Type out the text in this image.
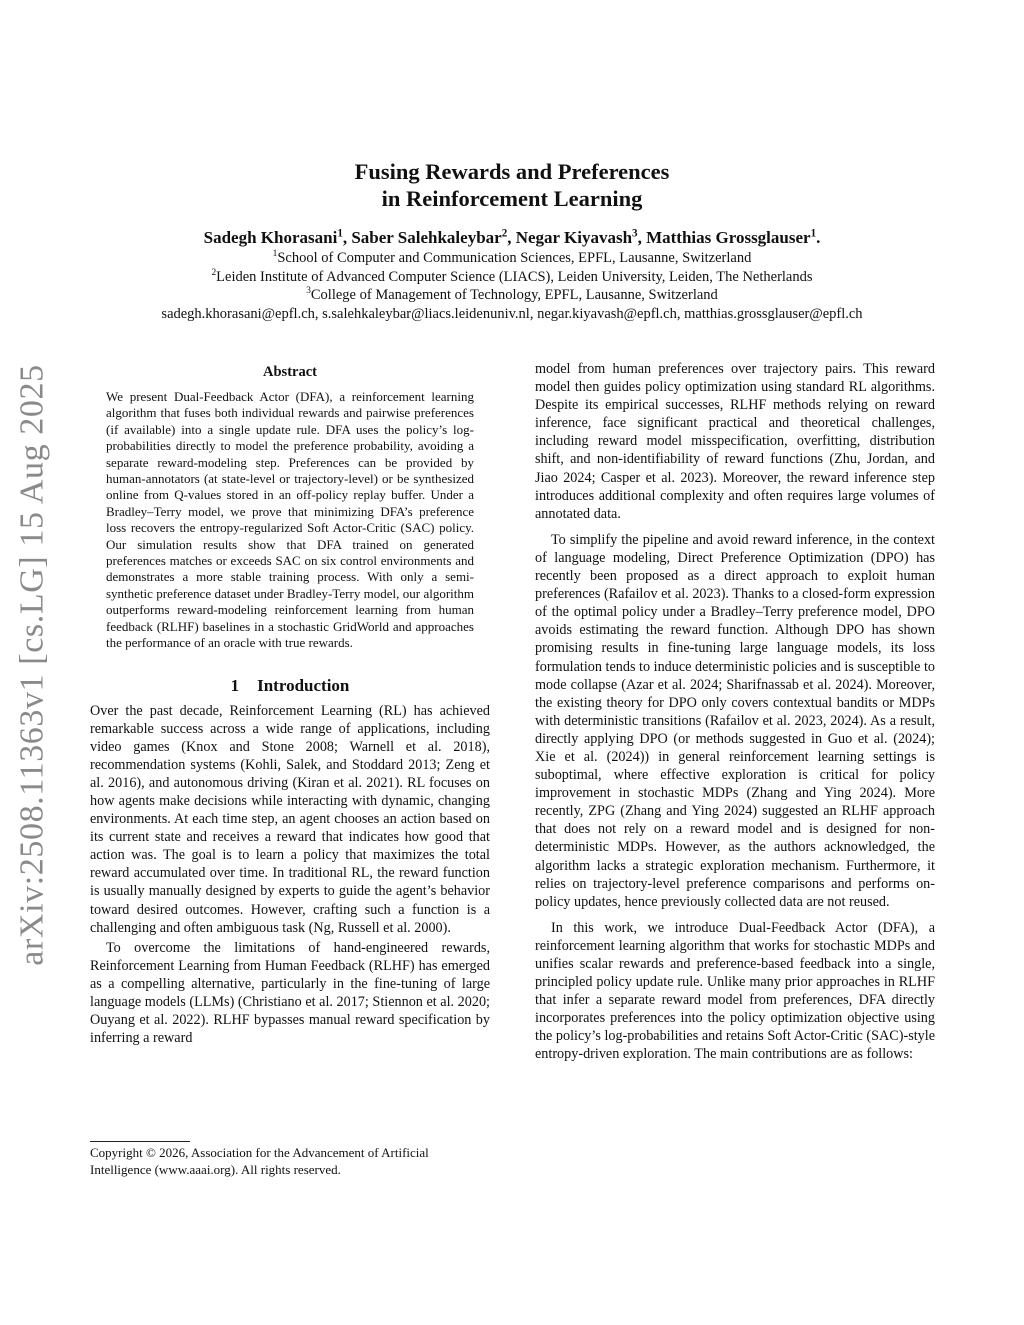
arXiv:2508.11363v1 [cs.LG] 15 Aug 2025
Fusing Rewards and Preferences
in Reinforcement Learning
Sadegh Khorasani$^1$, Saber Salehkaleybar$^2$, Negar Kiyavash$^3$, Matthias Grossglauser$^1$.
$^1$School of Computer and Communication Sciences, EPFL, Lausanne, Switzerland
$^2$Leiden Institute of Advanced Computer Science (LIACS), Leiden University, Leiden, The Netherlands
$^3$College of Management of Technology, EPFL, Lausanne, Switzerland
sadegh.khorasani@epfl.ch, s.salehkaleybar@liacs.leidenuniv.nl, negar.kiyavash@epfl.ch, matthias.grossglauser@epfl.ch
Abstract
We present Dual-Feedback Actor (DFA), a reinforcement learning algorithm that fuses both individual rewards and pairwise preferences (if available) into a single update rule. DFA uses the policy’s log-probabilities directly to model the preference probability, avoiding a separate reward-modeling step. Preferences can be provided by human-annotators (at state-level or trajectory-level) or be synthesized online from Q-values stored in an off-policy replay buffer. Under a Bradley–Terry model, we prove that minimizing DFA’s preference loss recovers the entropy-regularized Soft Actor-Critic (SAC) policy. Our simulation results show that DFA trained on generated preferences matches or exceeds SAC on six control environments and demonstrates a more stable training process. With only a semi-synthetic preference dataset under Bradley-Terry model, our algorithm outperforms reward-modeling reinforcement learning from human feedback (RLHF) baselines in a stochastic GridWorld and approaches the performance of an oracle with true rewards.
1 Introduction

Over the past decade, Reinforcement Learning (RL) has achieved remarkable success across a wide range of applications, including video games (Knox and Stone 2008; Warnell et al. 2018), recommendation systems (Kohli, Salek, and Stoddard 2013; Zeng et al. 2016), and autonomous driving (Kiran et al. 2021). RL focuses on how agents make decisions while interacting with dynamic, changing environments. At each time step, an agent chooses an action based on its current state and receives a reward that indicates how good that action was. The goal is to learn a policy that maximizes the total reward accumulated over time. In traditional RL, the reward function is usually manually designed by experts to guide the agent’s behavior toward desired outcomes. However, crafting such a function is a challenging and often ambiguous task (Ng, Russell et al. 2000).

To overcome the limitations of hand-engineered rewards, Reinforcement Learning from Human Feedback (RLHF) has emerged as a compelling alternative, particularly in the fine-tuning of large language models (LLMs) (Christiano et al. 2017; Stiennon et al. 2020; Ouyang et al. 2022). RLHF bypasses manual reward specification by inferring a reward

model from human preferences over trajectory pairs. This reward model then guides policy optimization using standard RL algorithms. Despite its empirical successes, RLHF methods relying on reward inference, face significant practical and theoretical challenges, including reward model misspecification, overfitting, distribution shift, and non-identifiability of reward functions (Zhu, Jordan, and Jiao 2024; Casper et al. 2023). Moreover, the reward inference step introduces additional complexity and often requires large volumes of annotated data.

To simplify the pipeline and avoid reward inference, in the context of language modeling, Direct Preference Optimization (DPO) has recently been proposed as a direct approach to exploit human preferences (Rafailov et al. 2023). Thanks to a closed-form expression of the optimal policy under a Bradley–Terry preference model, DPO avoids estimating the reward function. Although DPO has shown promising results in fine-tuning large language models, its loss formulation tends to induce deterministic policies and is susceptible to mode collapse (Azar et al. 2024; Sharifnassab et al. 2024). Moreover, the existing theory for DPO only covers contextual bandits or MDPs with deterministic transitions (Rafailov et al. 2023, 2024). As a result, directly applying DPO (or methods suggested in Guo et al. (2024); Xie et al. (2024)) in general reinforcement learning settings is suboptimal, where effective exploration is critical for policy improvement in stochastic MDPs (Zhang and Ying 2024). More recently, ZPG (Zhang and Ying 2024) suggested an RLHF approach that does not rely on a reward model and is designed for non-deterministic MDPs. However, as the authors acknowledged, the algorithm lacks a strategic exploration mechanism. Furthermore, it relies on trajectory-level preference comparisons and performs on-policy updates, hence previously collected data are not reused.

In this work, we introduce Dual-Feedback Actor (DFA), a reinforcement learning algorithm that works for stochastic MDPs and unifies scalar rewards and preference-based feedback into a single, principled policy update rule. Unlike many prior approaches in RLHF that infer a separate reward model from preferences, DFA directly incorporates preferences into the policy optimization objective using the policy’s log-probabilities and retains Soft Actor-Critic (SAC)-style entropy-driven exploration. The main contributions are as follows:

Copyright © 2026, Association for the Advancement of Artificial Intelligence (www.aaai.org). All rights reserved.
